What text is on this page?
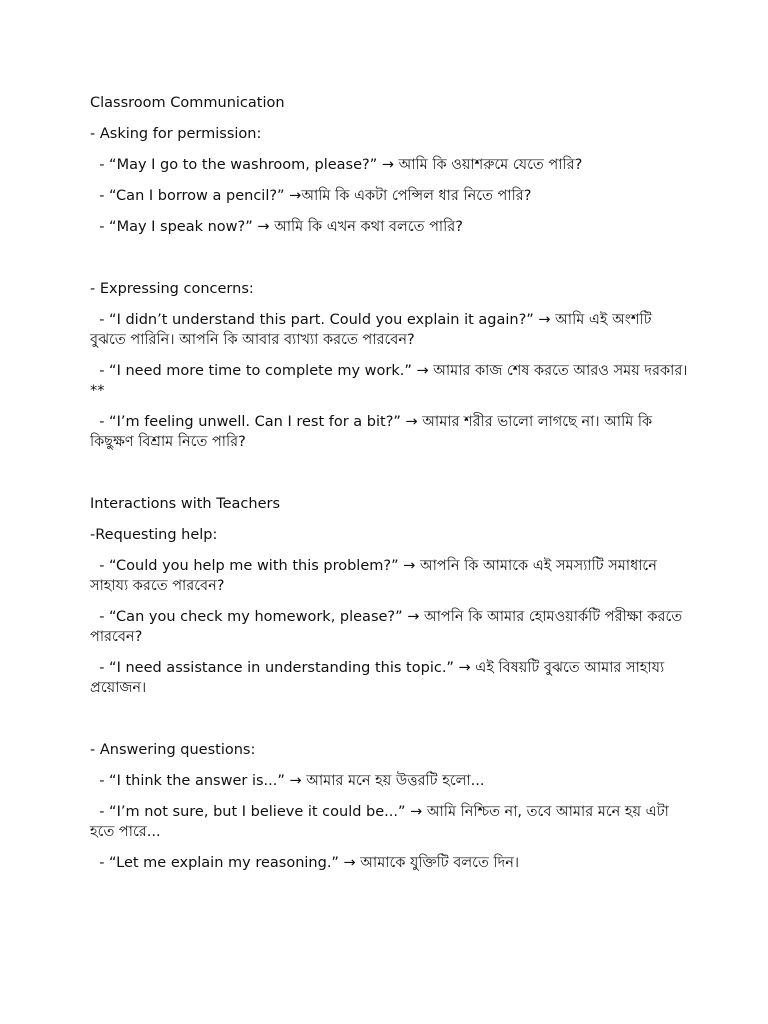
Classroom Communication

- Asking for permission:

- “May I go to the washroom, please?” → আমি কি ওয়াশরুমে যেতে পারি?

- “Can I borrow a pencil?” →আমি কি একটা পেন্সিল ধার নিতে পারি?

- “May I speak now?” → আমি কি এখন কথা বলতে পারি?

- Expressing concerns:

- “I didn’t understand this part. Could you explain it again?” → আমি এই অংশটি বুঝতে পারিনি। আপনি কি আবার ব্যাখ্যা করতে পারবেন?

- “I need more time to complete my work.” → আমার কাজ শেষ করতে আরও সময় দরকার।**

- “I’m feeling unwell. Can I rest for a bit?” → আমার শরীর ভালো লাগছে না। আমি কি কিছুক্ষণ বিশ্রাম নিতে পারি?

Interactions with Teachers

-Requesting help:

- “Could you help me with this problem?” → আপনি কি আমাকে এই সমস্যাটি সমাধানে সাহায্য করতে পারবেন?

- “Can you check my homework, please?” → আপনি কি আমার হোমওয়ার্কটি পরীক্ষা করতে পারবেন?

- “I need assistance in understanding this topic.” → এই বিষয়টি বুঝতে আমার সাহায্য প্রয়োজন।

- Answering questions:

- “I think the answer is...” → আমার মনে হয় উত্তরটি হলো...

- “I’m not sure, but I believe it could be...” → আমি নিশ্চিত না, তবে আমার মনে হয় এটা হতে পারে...

- “Let me explain my reasoning.” → আমাকে যুক্তিটি বলতে দিন।
